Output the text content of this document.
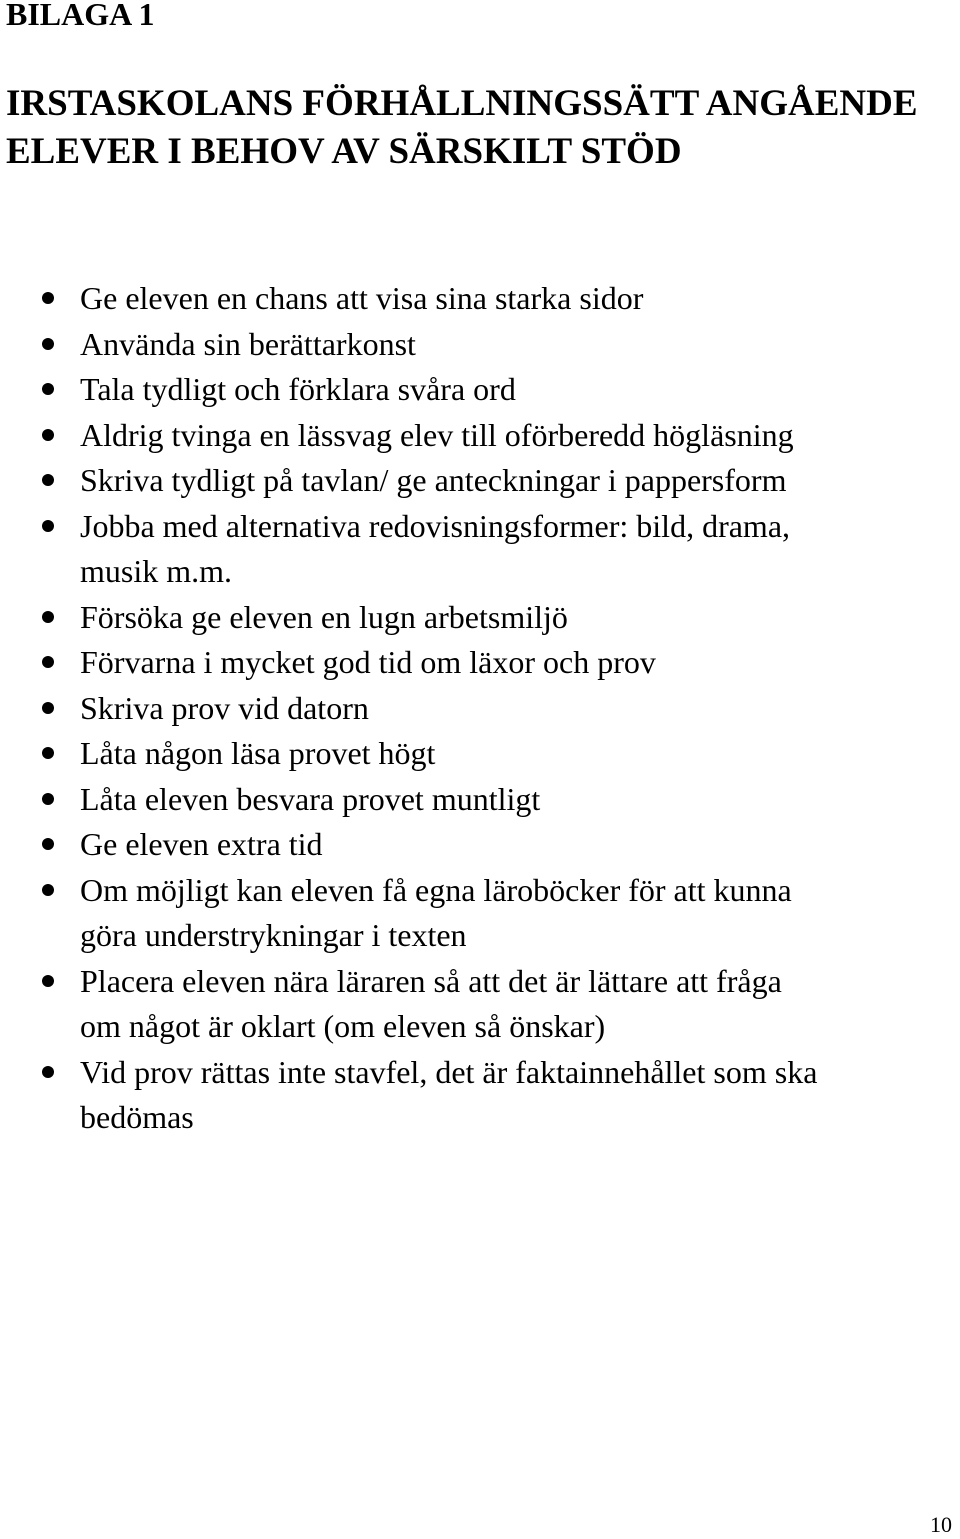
BILAGA 1
IRSTASKOLANS FÖRHÅLLNINGSSÄTT ANGÅENDE ELEVER I BEHOV AV SÄRSKILT STÖD
Ge eleven en chans att visa sina starka sidor
Använda sin berättarkonst
Tala tydligt och förklara svåra ord
Aldrig tvinga en lässvag elev till oförberedd högläsning
Skriva tydligt på tavlan/ ge anteckningar i pappersform
Jobba med alternativa redovisningsformer: bild, drama,
musik m.m.
Försöka ge eleven en lugn arbetsmiljö
Förvarna i mycket god tid om läxor och prov
Skriva prov vid datorn
Låta någon läsa provet högt
Låta eleven besvara provet muntligt
Ge eleven extra tid
Om möjligt kan eleven få egna läroböcker för att kunna
göra understrykningar i texten
Placera eleven nära läraren så att det är lättare att fråga
om något är oklart (om eleven så önskar)
Vid prov rättas inte stavfel, det är faktainnehållet som ska
bedömas
10
